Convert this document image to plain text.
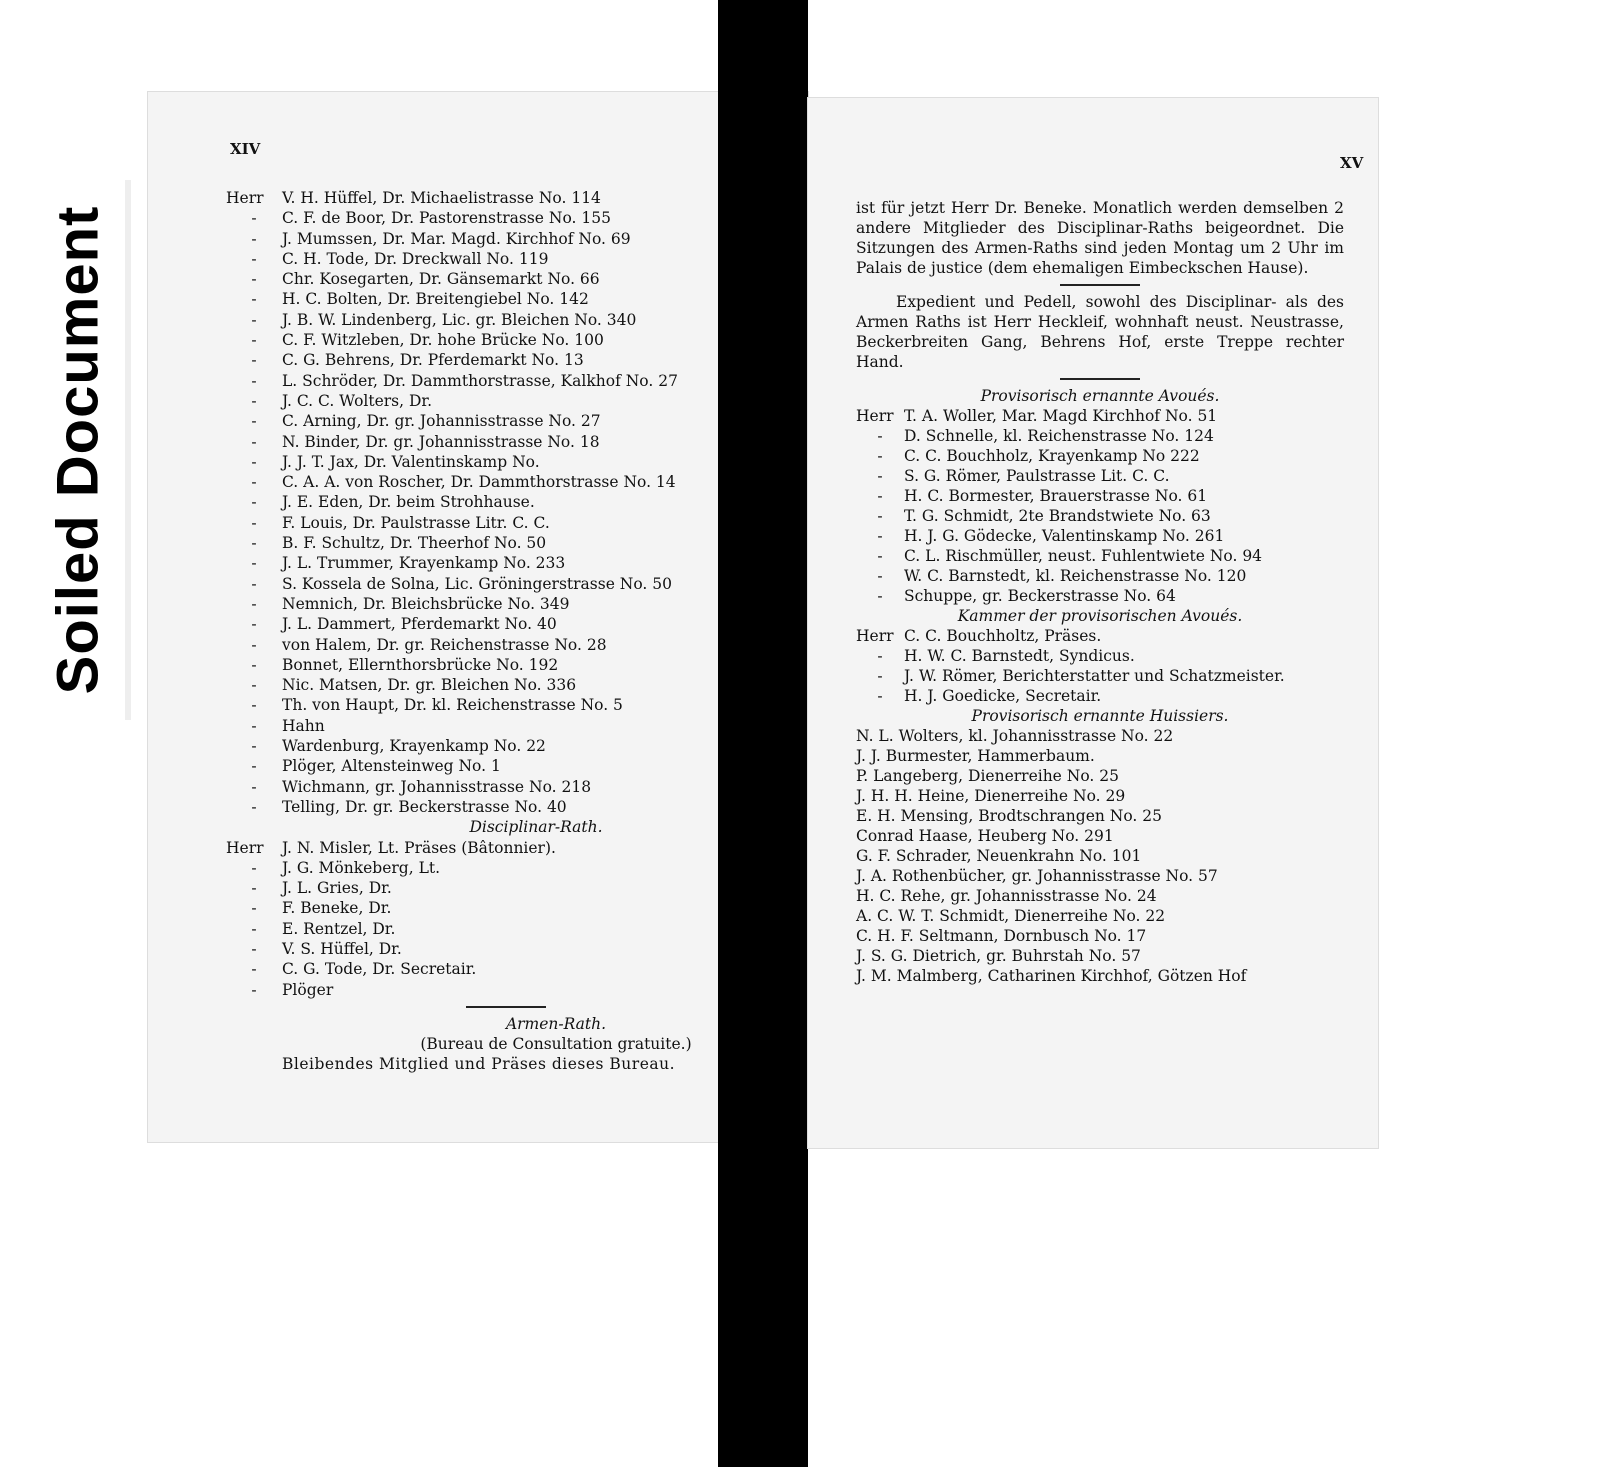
Soiled Document
XIV
Herr	V. H. Hüffel, Dr. Michaelistrasse No. 114
-	C. F. de Boor, Dr. Pastorenstrasse No. 155
-	J. Mumssen, Dr. Mar. Magd. Kirchhof No. 69
-	C. H. Tode, Dr. Dreckwall No. 119
-	Chr. Kosegarten, Dr. Gänsemarkt No. 66
-	H. C. Bolten, Dr. Breitengiebel No. 142
-	J. B. W. Lindenberg, Lic. gr. Bleichen No. 340
-	C. F. Witzleben, Dr. hohe Brücke No. 100
-	C. G. Behrens, Dr. Pferdemarkt No. 13
-	L. Schröder, Dr. Dammthorstrasse, Kalkhof No. 27
-	J. C. C. Wolters, Dr.
-	C. Arning, Dr. gr. Johannisstrasse No. 27
-	N. Binder, Dr. gr. Johannisstrasse No. 18
-	J. J. T. Jax, Dr. Valentinskamp No.
-	C. A. A. von Roscher, Dr. Dammthorstrasse No. 14
-	J. E. Eden, Dr. beim Strohhause.
-	F. Louis, Dr. Paulstrasse Litr. C. C.
-	B. F. Schultz, Dr. Theerhof No. 50
-	J. L. Trummer, Krayenkamp No. 233
-	S. Kossela de Solna, Lic. Gröningerstrasse No. 50
-	Nemnich, Dr. Bleichsbrücke No. 349
-	J. L. Dammert, Pferdemarkt No. 40
-	von Halem, Dr. gr. Reichenstrasse No. 28
-	Bonnet, Ellernthorsbrücke No. 192
-	Nic. Matsen, Dr. gr. Bleichen No. 336
-	Th. von Haupt, Dr. kl. Reichenstrasse No. 5
-	Hahn
-	Wardenburg, Krayenkamp No. 22
-	Plöger, Altensteinweg No. 1
-	Wichmann, gr. Johannisstrasse No. 218
-	Telling, Dr. gr. Beckerstrasse No. 40
Disciplinar-Rath.
Herr	J. N. Misler, Lt. Präses (Bâtonnier).
-	J. G. Mönkeberg, Lt.
-	J. L. Gries, Dr.
-	F. Beneke, Dr.
-	E. Rentzel, Dr.
-	V. S. Hüffel, Dr.
-	C. G. Tode, Dr. Secretair.
-	Plöger
Armen-Rath.
(Bureau de Consultation gratuite.)
Bleibendes Mitglied und Präses dieses Bureau.
XV
ist für jetzt Herr Dr. Beneke. Monatlich werden demselben 2 andere Mitglieder des Disciplinar-Raths beigeordnet. Die Sitzungen des Armen-Raths sind jeden Montag um 2 Uhr im Palais de justice (dem ehemaligen Eimbeckschen Hause).
Expedient und Pedell, sowohl des Disciplinar- als des Armen Raths ist Herr Heckleif, wohnhaft neust. Neustrasse, Beckerbreiten Gang, Behrens Hof, erste Treppe rechter Hand.
Provisorisch ernannte Avoués.
Herr T. A. Woller, Mar. Magd Kirchhof No. 51
-	D. Schnelle, kl. Reichenstrasse No. 124
-	C. C. Bouchholz, Krayenkamp No 222
-	S. G. Römer, Paulstrasse Lit. C. C.
-	H. C. Bormester, Brauerstrasse No. 61
-	T. G. Schmidt, 2te Brandstwiete No. 63
-	H. J. G. Gödecke, Valentinskamp No. 261
-	C. L. Rischmüller, neust. Fuhlentwiete No. 94
-	W. C. Barnstedt, kl. Reichenstrasse No. 120
-	Schuppe, gr. Beckerstrasse No. 64
Kammer der provisorischen Avoués.
Herr C. C. Bouchholtz, Präses.
-	H. W. C. Barnstedt, Syndicus.
-	J. W. Römer, Berichterstatter und Schatzmeister.
-	H. J. Goedicke, Secretair.
Provisorisch ernannte Huissiers.
N. L. Wolters, kl. Johannisstrasse No. 22
J. J. Burmester, Hammerbaum.
P. Langeberg, Dienerreihe No. 25
J. H. H. Heine, Dienerreihe No. 29
E. H. Mensing, Brodtschrangen No. 25
Conrad Haase, Heuberg No. 291
G. F. Schrader, Neuenkrahn No. 101
J. A. Rothenbücher, gr. Johannisstrasse No. 57
H. C. Rehe, gr. Johannisstrasse No. 24
A. C. W. T. Schmidt, Dienerreihe No. 22
C. H. F. Seltmann, Dornbusch No. 17
J. S. G. Dietrich, gr. Buhrstah No. 57
J. M. Malmberg, Catharinen Kirchhof, Götzen Hof
